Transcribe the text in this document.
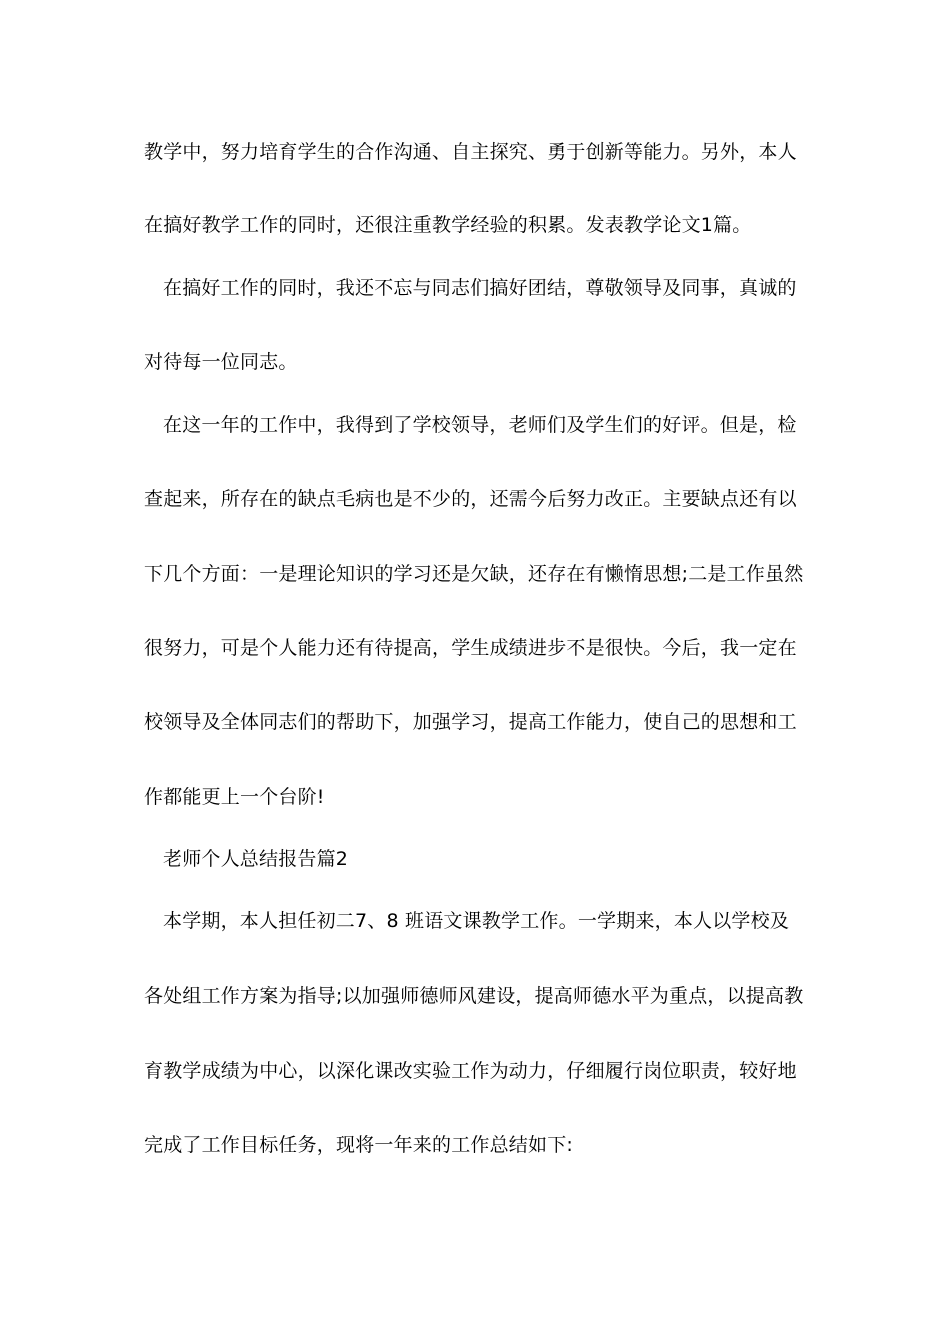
教学中，努力培育学生的合作沟通、自主探究、勇于创新等能力。另外，本人
在搞好教学工作的同时，还很注重教学经验的积累。发表教学论文1篇。
在搞好工作的同时，我还不忘与同志们搞好团结，尊敬领导及同事，真诚的
对待每一位同志。
在这一年的工作中，我得到了学校领导，老师们及学生们的好评。但是，检
查起来，所存在的缺点毛病也是不少的，还需今后努力改正。主要缺点还有以
下几个方面：一是理论知识的学习还是欠缺，还存在有懒惰思想;二是工作虽然
很努力，可是个人能力还有待提高，学生成绩进步不是很快。今后，我一定在
校领导及全体同志们的帮助下，加强学习，提高工作能力，使自己的思想和工
作都能更上一个台阶!
老师个人总结报告篇2
本学期，本人担任初二7、8 班语文课教学工作。一学期来，本人以学校及
各处组工作方案为指导;以加强师德师风建设，提高师德水平为重点，以提高教
育教学成绩为中心，以深化课改实验工作为动力，仔细履行岗位职责，较好地
完成了工作目标任务，现将一年来的工作总结如下:
